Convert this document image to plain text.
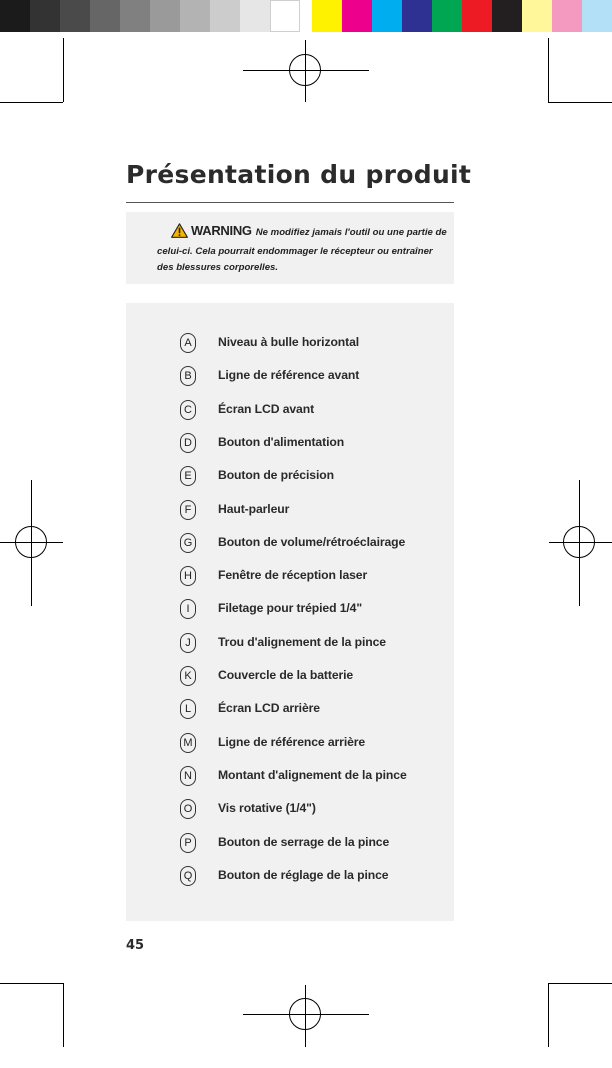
Présentation du produit
WARNING Ne modifiez jamais l'outil ou une partie de celui-ci. Cela pourrait endommager le récepteur ou entraîner des blessures corporelles.
A	Niveau à bulle horizontal
B	Ligne de référence avant
C	Écran LCD avant
D	Bouton d'alimentation
E	Bouton de précision
F	Haut-parleur
G	Bouton de volume/rétroéclairage
H	Fenêtre de réception laser
I	Filetage pour trépied 1/4"
J	Trou d'alignement de la pince
K	Couvercle de la batterie
L	Écran LCD arrière
M Ligne de référence arrière
N	Montant d'alignement de la pince
O	Vis rotative (1/4")
P	Bouton de serrage de la pince
Q	Bouton de réglage de la pince
45
